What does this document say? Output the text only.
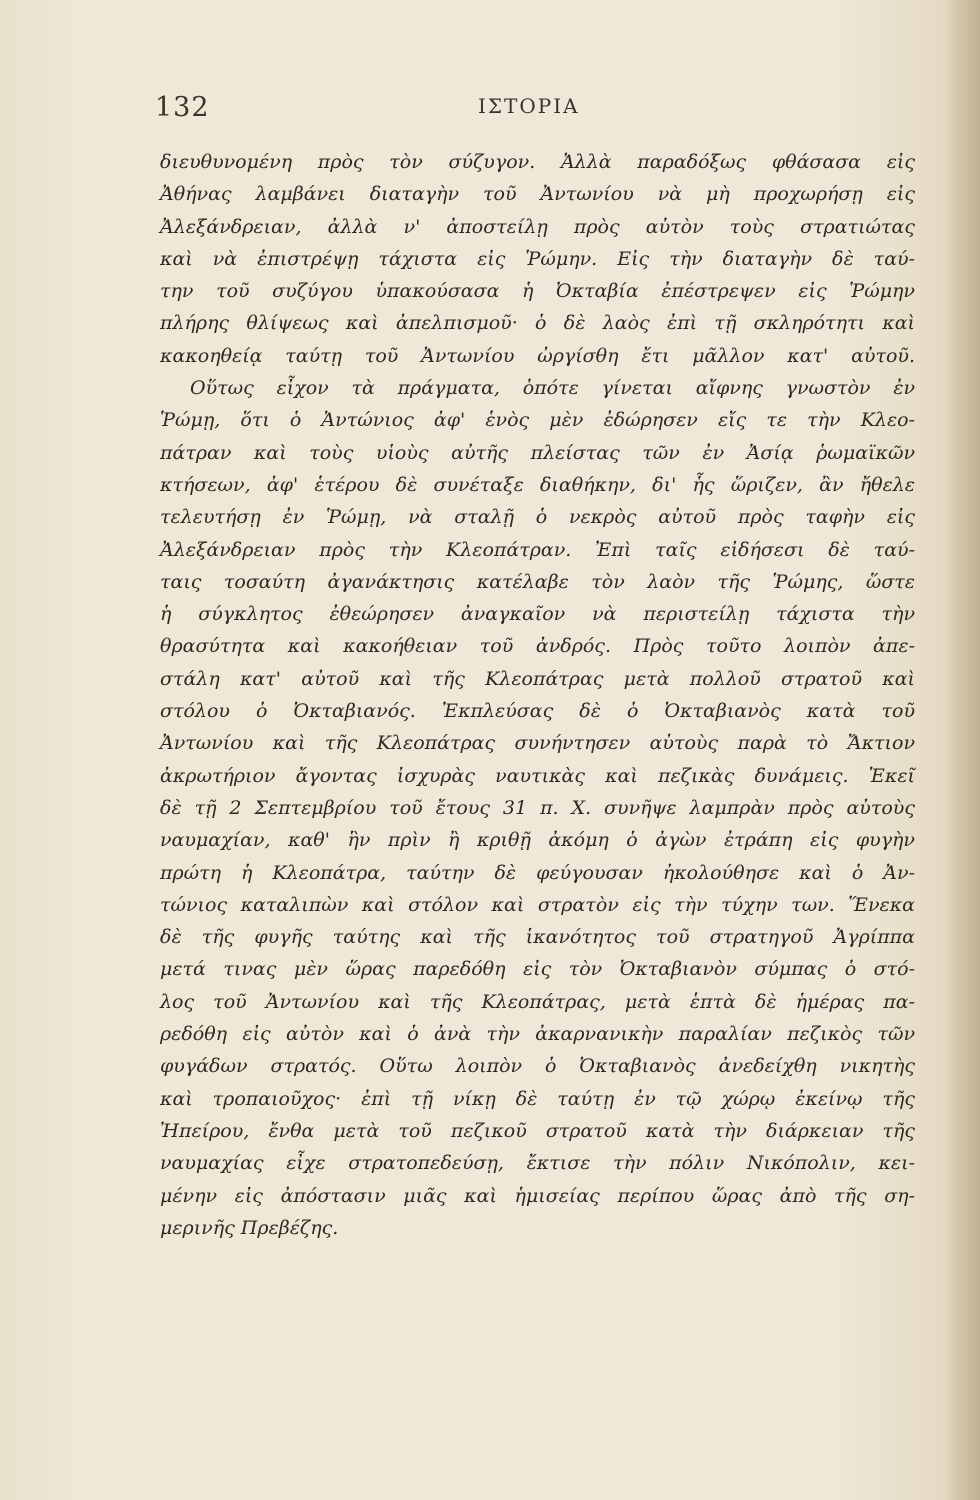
132	ΙΣΤΟΡΙΑ
διευθυνομένη πρὸς τὸν σύζυγον. Ἀλλὰ παραδόξως φθάσασα εἰς
Ἀθήνας λαμβάνει διαταγὴν τοῦ Ἀντωνίου νὰ μὴ προχωρήσῃ εἰς
Ἀλεξάνδρειαν, ἀλλὰ ν' ἀποστείλῃ πρὸς αὐτὸν τοὺς στρατιώτας
καὶ νὰ ἐπιστρέψῃ τάχιστα εἰς Ῥώμην. Εἰς τὴν διαταγὴν δὲ ταύ-
την τοῦ συζύγου ὑπακούσασα ἡ Ὀκταβία ἐπέστρεψεν εἰς Ῥώμην
πλήρης θλίψεως καὶ ἀπελπισμοῦ· ὁ δὲ λαὸς ἐπὶ τῇ σκληρότητι καὶ
κακοηθείᾳ ταύτῃ τοῦ Ἀντωνίου ὠργίσθη ἔτι μᾶλλον κατ' αὐτοῦ.
Οὕτως εἶχον τὰ πράγματα, ὁπότε γίνεται αἴφνης γνωστὸν ἐν
Ῥώμῃ, ὅτι ὁ Ἀντώνιος ἀφ' ἑνὸς μὲν ἐδώρησεν εἴς τε τὴν Κλεο-
πάτραν καὶ τοὺς υἱοὺς αὐτῆς πλείστας τῶν ἐν Ἀσίᾳ ῥωμαϊκῶν
κτήσεων, ἀφ' ἑτέρου δὲ συνέταξε διαθήκην, δι' ἧς ὥριζεν, ἂν ἤθελε
τελευτήσῃ ἐν Ῥώμῃ, νὰ σταλῇ ὁ νεκρὸς αὐτοῦ πρὸς ταφὴν εἰς
Ἀλεξάνδρειαν πρὸς τὴν Κλεοπάτραν. Ἐπὶ ταῖς εἰδήσεσι δὲ ταύ-
ταις τοσαύτη ἀγανάκτησις κατέλαβε τὸν λαὸν τῆς Ῥώμης, ὥστε
ἡ σύγκλητος ἐθεώρησεν ἀναγκαῖον νὰ περιστείλῃ τάχιστα τὴν
θρασύτητα καὶ κακοήθειαν τοῦ ἀνδρός. Πρὸς τοῦτο λοιπὸν ἀπε-
στάλη κατ' αὐτοῦ καὶ τῆς Κλεοπάτρας μετὰ πολλοῦ στρατοῦ καὶ
στόλου ὁ Ὀκταβιανός. Ἐκπλεύσας δὲ ὁ Ὀκταβιανὸς κατὰ τοῦ
Ἀντωνίου καὶ τῆς Κλεοπάτρας συνήντησεν αὐτοὺς παρὰ τὸ Ἄκτιον
ἀκρωτήριον ἄγοντας ἰσχυρὰς ναυτικὰς καὶ πεζικὰς δυνάμεις. Ἐκεῖ
δὲ τῇ 2 Σεπτεμβρίου τοῦ ἔτους 31 π. Χ. συνῆψε λαμπρὰν πρὸς αὐτοὺς
ναυμαχίαν, καθ' ἣν πρὶν ἢ κριθῇ ἀκόμη ὁ ἀγὼν ἐτράπη εἰς φυγὴν
πρώτη ἡ Κλεοπάτρα, ταύτην δὲ φεύγουσαν ἠκολούθησε καὶ ὁ Ἀν-
τώνιος καταλιπὼν καὶ στόλον καὶ στρατὸν εἰς τὴν τύχην των. Ἕνεκα
δὲ τῆς φυγῆς ταύτης καὶ τῆς ἱκανότητος τοῦ στρατηγοῦ Ἀγρίππα
μετά τινας μὲν ὥρας παρεδόθη εἰς τὸν Ὀκταβιανὸν σύμπας ὁ στό-
λος τοῦ Ἀντωνίου καὶ τῆς Κλεοπάτρας, μετὰ ἑπτὰ δὲ ἡμέρας πα-
ρεδόθη εἰς αὐτὸν καὶ ὁ ἀνὰ τὴν ἀκαρνανικὴν παραλίαν πεζικὸς τῶν
φυγάδων στρατός. Οὕτω λοιπὸν ὁ Ὀκταβιανὸς ἀνεδείχθη νικητὴς
καὶ τροπαιοῦχος· ἐπὶ τῇ νίκῃ δὲ ταύτῃ ἐν τῷ χώρῳ ἐκείνῳ τῆς
Ἠπείρου, ἔνθα μετὰ τοῦ πεζικοῦ στρατοῦ κατὰ τὴν διάρκειαν τῆς
ναυμαχίας εἶχε στρατοπεδεύσῃ, ἔκτισε τὴν πόλιν Νικόπολιν, κει-
μένην εἰς ἀπόστασιν μιᾶς καὶ ἡμισείας περίπου ὥρας ἀπὸ τῆς ση-
μερινῆς Πρεβέζης.
